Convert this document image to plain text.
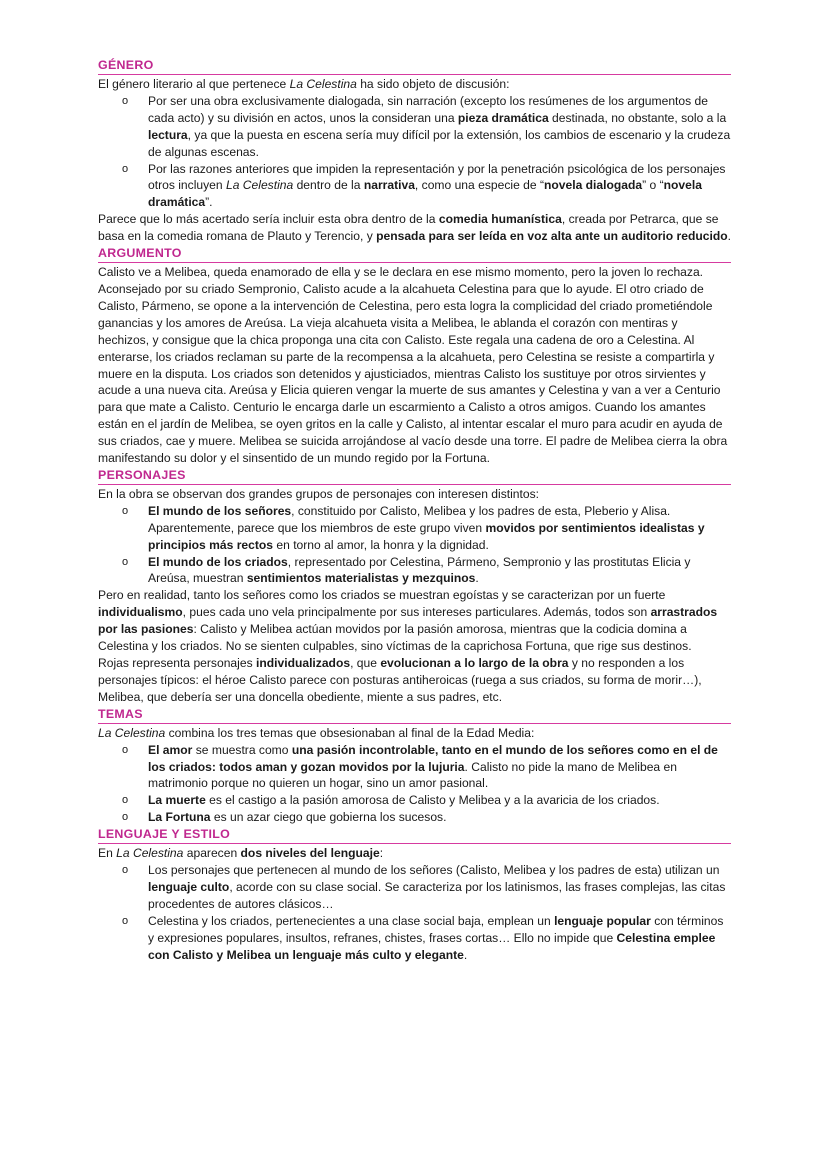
GÉNERO

El género literario al que pertenece La Celestina ha sido objeto de discusión:

o Por ser una obra exclusivamente dialogada, sin narración (excepto los resúmenes de los argumentos de cada acto) y su división en actos, unos la consideran una pieza dramática destinada, no obstante, solo a la lectura, ya que la puesta en escena sería muy difícil por la extensión, los cambios de escenario y la crudeza de algunas escenas.
o Por las razones anteriores que impiden la representación y por la penetración psicológica de los personajes otros incluyen La Celestina dentro de la narrativa, como una especie de “novela dialogada” o “novela dramática”.

Parece que lo más acertado sería incluir esta obra dentro de la comedia humanística, creada por Petrarca, que se basa en la comedia romana de Plauto y Terencio, y pensada para ser leída en voz alta ante un auditorio reducido.

ARGUMENTO

Calisto ve a Melibea, queda enamorado de ella y se le declara en ese mismo momento, pero la joven lo rechaza. Aconsejado por su criado Sempronio, Calisto acude a la alcahueta Celestina para que lo ayude. El otro criado de Calisto, Pármeno, se opone a la intervención de Celestina, pero esta logra la complicidad del criado prometiéndole ganancias y los amores de Areúsa. La vieja alcahueta visita a Melibea, le ablanda el corazón con mentiras y hechizos, y consigue que la chica proponga una cita con Calisto. Este regala una cadena de oro a Celestina. Al enterarse, los criados reclaman su parte de la recompensa a la alcahueta, pero Celestina se resiste a compartirla y muere en la disputa. Los criados son detenidos y ajusticiados, mientras Calisto los sustituye por otros sirvientes y acude a una nueva cita. Areúsa y Elicia quieren vengar la muerte de sus amantes y Celestina y van a ver a Centurio para que mate a Calisto. Centurio le encarga darle un escarmiento a Calisto a otros amigos. Cuando los amantes están en el jardín de Melibea, se oyen gritos en la calle y Calisto, al intentar escalar el muro para acudir en ayuda de sus criados, cae y muere. Melibea se suicida arrojándose al vacío desde una torre. El padre de Melibea cierra la obra manifestando su dolor y el sinsentido de un mundo regido por la Fortuna.

PERSONAJES

En la obra se observan dos grandes grupos de personajes con interesen distintos:

o El mundo de los señores, constituido por Calisto, Melibea y los padres de esta, Pleberio y Alisa. Aparentemente, parece que los miembros de este grupo viven movidos por sentimientos idealistas y principios más rectos en torno al amor, la honra y la dignidad.
o El mundo de los criados, representado por Celestina, Pármeno, Sempronio y las prostitutas Elicia y Areúsa, muestran sentimientos materialistas y mezquinos.

Pero en realidad, tanto los señores como los criados se muestran egoístas y se caracterizan por un fuerte individualismo, pues cada uno vela principalmente por sus intereses particulares. Además, todos son arrastrados por las pasiones: Calisto y Melibea actúan movidos por la pasión amorosa, mientras que la codicia domina a Celestina y los criados. No se sienten culpables, sino víctimas de la caprichosa Fortuna, que rige sus destinos.

Rojas representa personajes individualizados, que evolucionan a lo largo de la obra y no responden a los personajes típicos: el héroe Calisto parece con posturas antiheroicas (ruega a sus criados, su forma de morir…), Melibea, que debería ser una doncella obediente, miente a sus padres, etc.

TEMAS

La Celestina combina los tres temas que obsesionaban al final de la Edad Media:

o El amor se muestra como una pasión incontrolable, tanto en el mundo de los señores como en el de los criados: todos aman y gozan movidos por la lujuria. Calisto no pide la mano de Melibea en matrimonio porque no quieren un hogar, sino un amor pasional.
o La muerte es el castigo a la pasión amorosa de Calisto y Melibea y a la avaricia de los criados.
o La Fortuna es un azar ciego que gobierna los sucesos.
LENGUAJE Y ESTILO

En La Celestina aparecen dos niveles del lenguaje:

o Los personajes que pertenecen al mundo de los señores (Calisto, Melibea y los padres de esta) utilizan un lenguaje culto, acorde con su clase social. Se caracteriza por los latinismos, las frases complejas, las citas procedentes de autores clásicos…
o Celestina y los criados, pertenecientes a una clase social baja, emplean un lenguaje popular con términos y expresiones populares, insultos, refranes, chistes, frases cortas… Ello no impide que Celestina emplee con Calisto y Melibea un lenguaje más culto y elegante.
